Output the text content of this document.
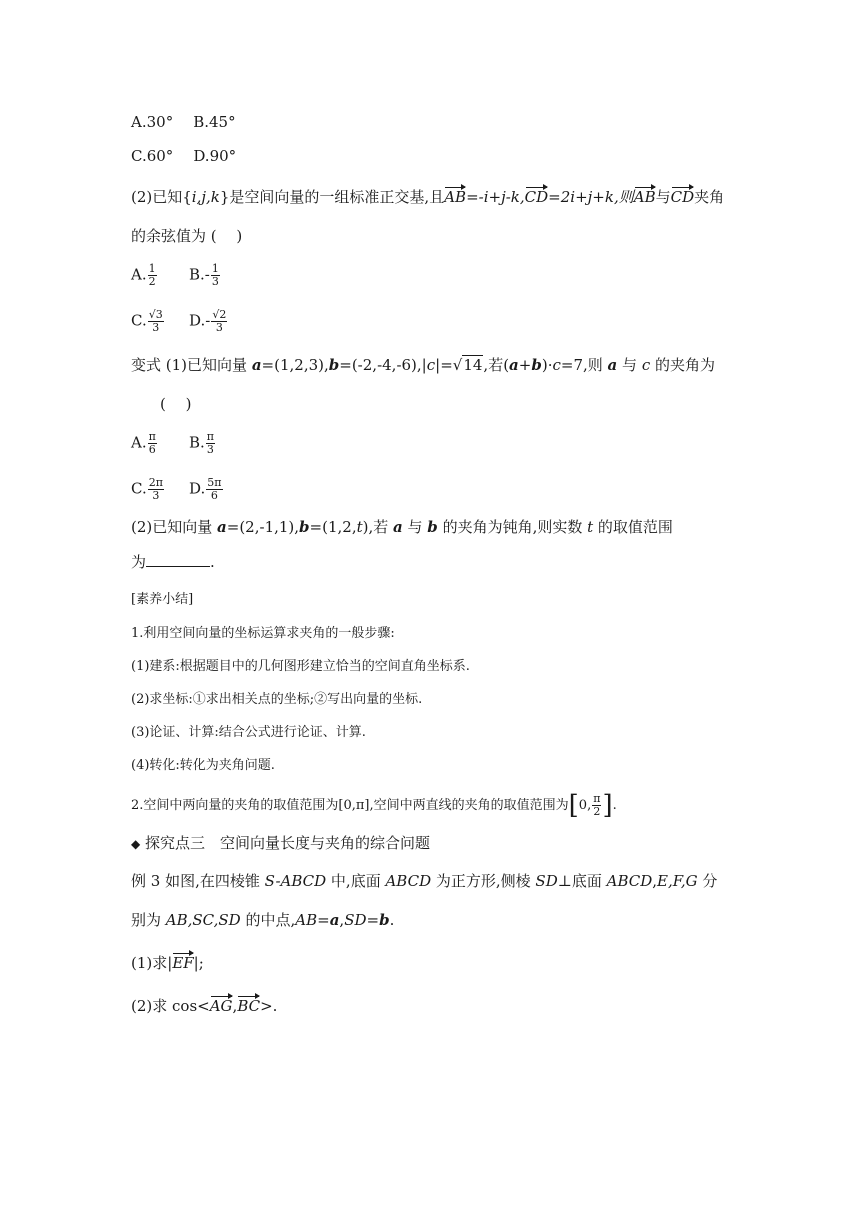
A.30° B.45°
C.60° D.90°
(2)已知{i,j,k}是空间向量的一组标准正交基,且AB=-i+j-k,CD=2i+j+k,则AB与CD夹角
的余弦值为 (　 )
A. $\frac{1}{2} B.- \frac{1}{3}$
C. $\frac{√3}{3} D.- \frac{√2}{3}$
变式 (1)已知向量 a=(1,2,3),b=(-2,-4,-6),|c|=√14,若(a+b)·c=7,则 a 与 c 的夹角为
(　 )
A. $\frac{\pi}{6} B$. $\frac{\pi}{3}$
C. $\frac{2\pi}{3} D$. $\frac{5\pi}{6}$
(2)已知向量 a=(2,-1,1),b=(1,2,t),若 a 与 b 的夹角为钝角,则实数 t 的取值范围
为	.
[素养小结]
1.利用空间向量的坐标运算求夹角的一般步骤:
(1)建系:根据题目中的几何图形建立恰当的空间直角坐标系.
(2)求坐标:①求出相关点的坐标;②写出向量的坐标.
(3)论证、计算:结合公式进行论证、计算.
(4)转化:转化为夹角问题.
2.空间中两向量的夹角的取值范围为[0,π],空间中两直线的夹角的取值范围为[0, $\frac{\pi}{2}$ ].
◆ 探究点三　空间向量长度与夹角的综合问题
例 3 如图,在四棱锥 S-ABCD 中,底面 ABCD 为正方形,侧棱 SD⊥底面 ABCD,E,F,G 分
别为 AB,SC,SD 的中点,AB=a,SD=b.
(1)求|EF|;
(2)求 cos<AG,BC>.
